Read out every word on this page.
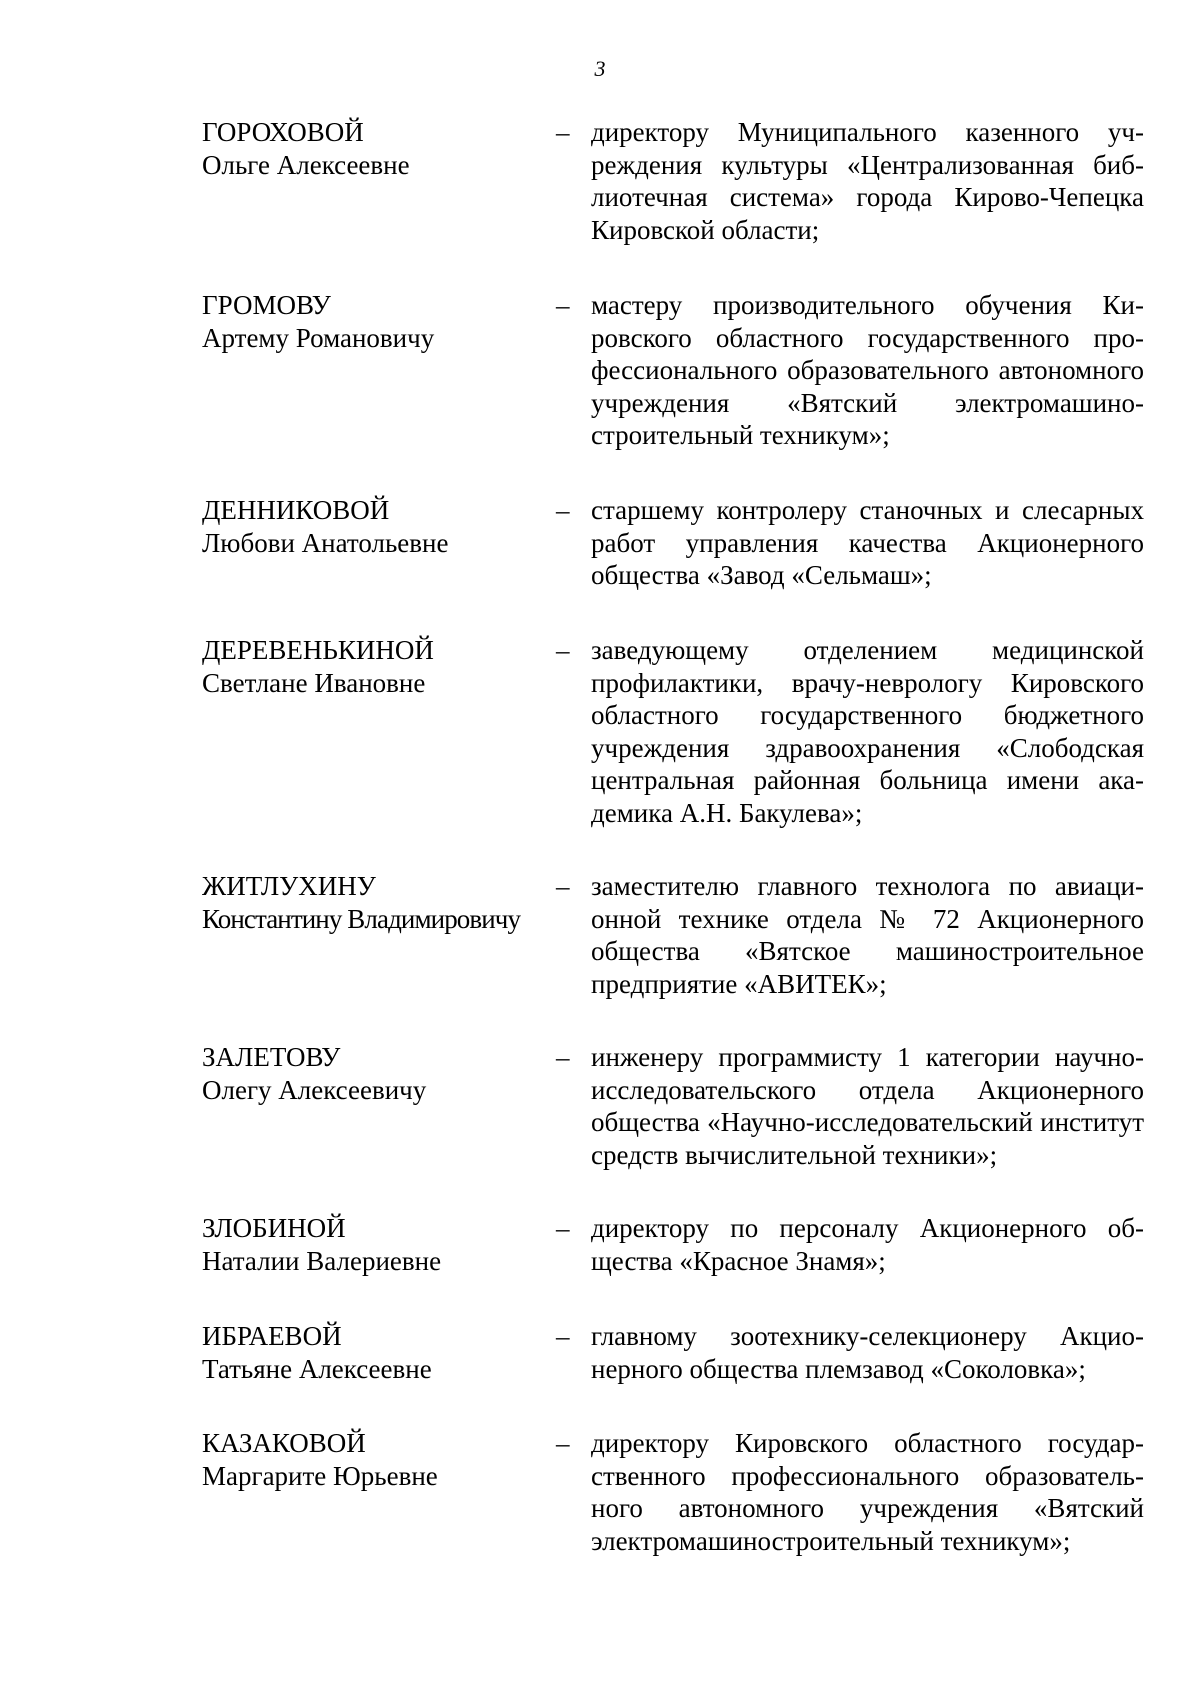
3
ГОРОХОВОЙ
Ольге Алексеевне
– директору Муниципального казенного учреждения культуры «Централизованная библиотечная система» города Кирово-Чепецка Кировской области;
ГРОМОВУ
Артему Романовичу
– мастеру производительного обучения Кировского областного государственного профессионального образовательного автономного учреждения «Вятский электромашиностроительный техникум»;
ДЕННИКОВОЙ
Любови Анатольевне
– старшему контролеру станочных и слесарных работ управления качества Акционерного общества «Завод «Сельмаш»;
ДЕРЕВЕНЬКИНОЙ
Светлане Ивановне
– заведующему отделением медицинской профилактики, врачу-неврологу Кировского областного государственного бюджетного учреждения здравоохранения «Слободская центральная районная больница имени академика А.Н. Бакулева»;
ЖИТЛУХИНУ
Константину Владимировичу
– заместителю главного технолога по авиационной технике отдела № 72 Акционерного общества «Вятское машиностроительное предприятие «АВИТЕК»;
ЗАЛЕТОВУ
Олегу Алексеевичу
– инженеру программисту 1 категории научно-исследовательского отдела Акционерного общества «Научно-исследовательский институт средств вычислительной техники»;
ЗЛОБИНОЙ
Наталии Валериевне
– директору по персоналу Акционерного общества «Красное Знамя»;
ИБРАЕВОЙ
Татьяне Алексеевне
– главному зоотехнику-селекционеру Акционерного общества племзавод «Соколовка»;
КАЗАКОВОЙ
Маргарите Юрьевне
– директору Кировского областного государственного профессионального образовательного автономного учреждения «Вятский электромашиностроительный техникум»;
